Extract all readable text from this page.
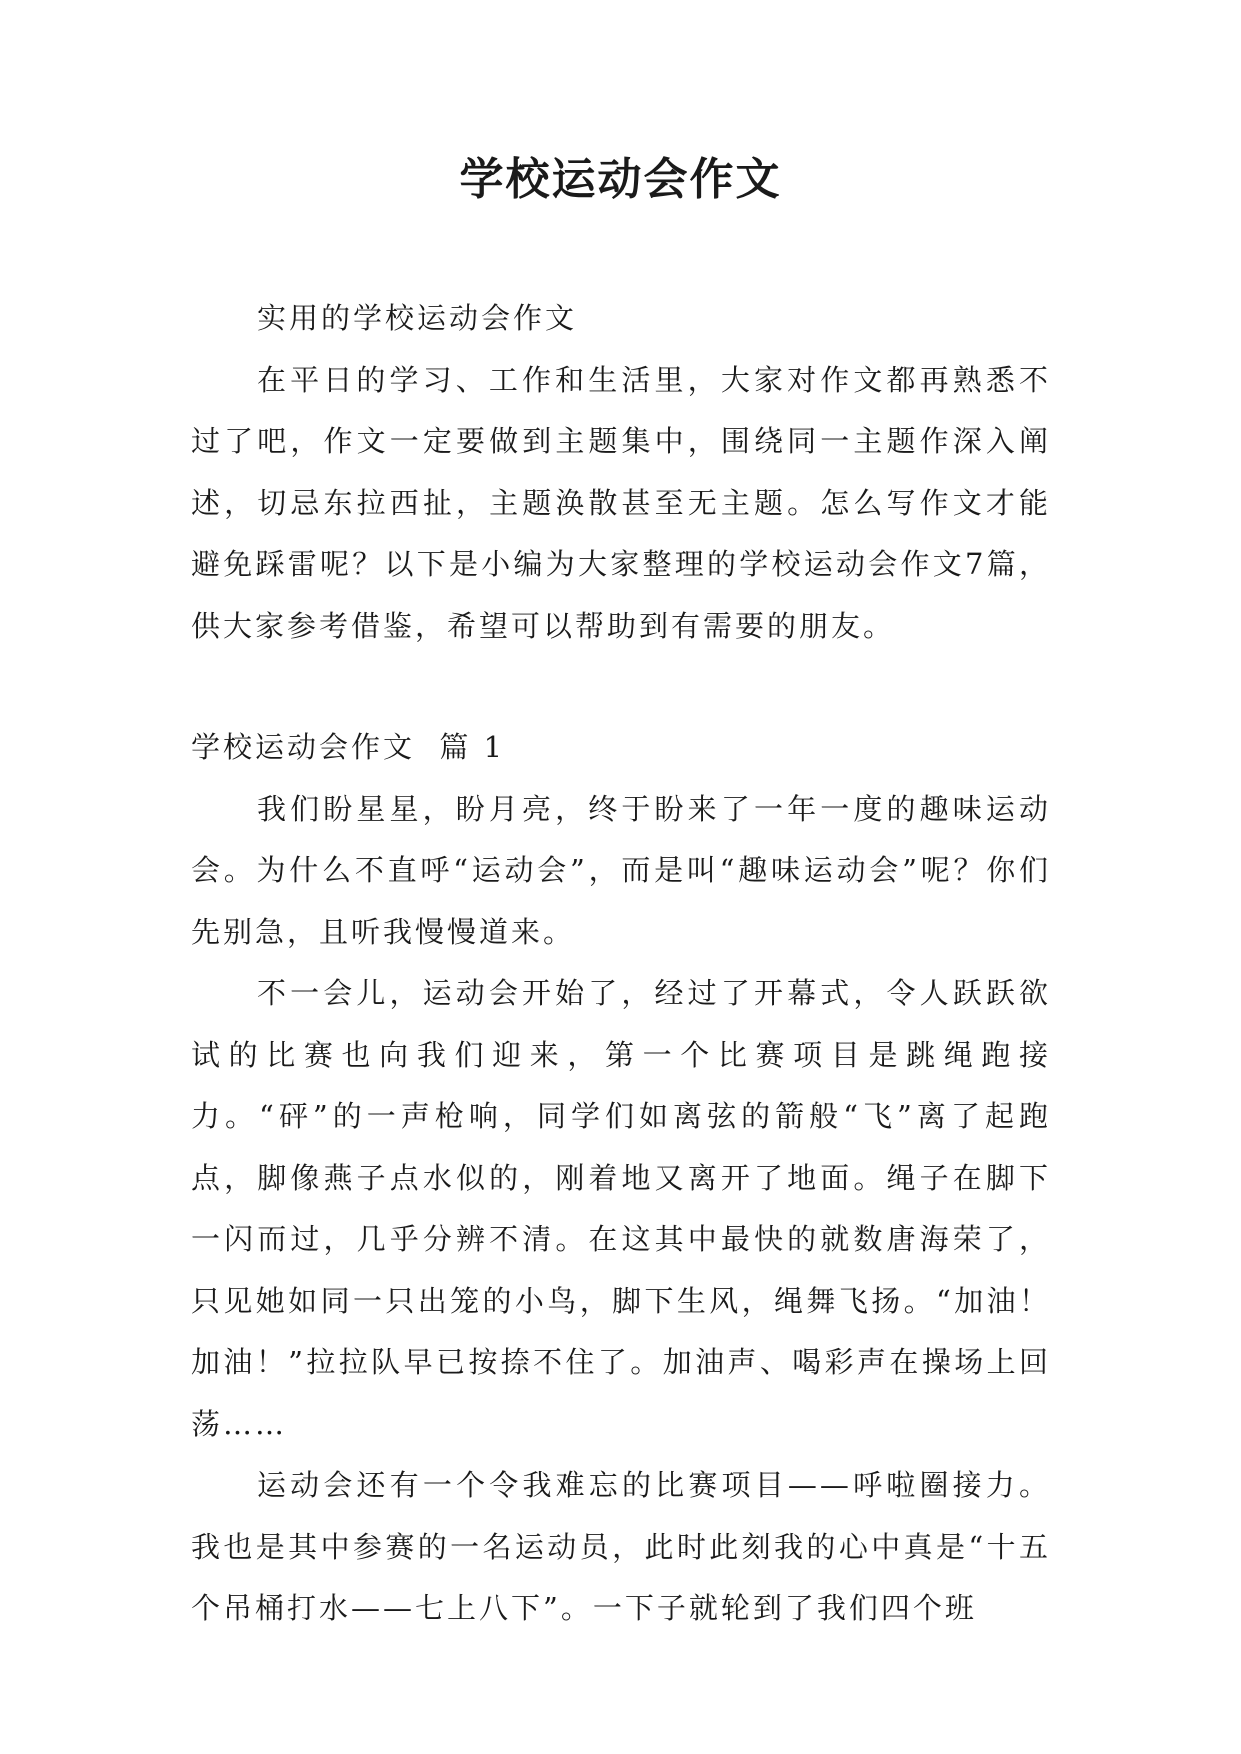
学校运动会作文

实用的学校运动会作文

在平日的学习、工作和生活里，大家对作文都再熟悉不过了吧，作文一定要做到主题集中，围绕同一主题作深入阐述，切忌东拉西扯，主题涣散甚至无主题。怎么写作文才能避免踩雷呢？以下是小编为大家整理的学校运动会作文7篇，供大家参考借鉴，希望可以帮助到有需要的朋友。

学校运动会作文  篇 1

我们盼星星，盼月亮，终于盼来了一年一度的趣味运动会。为什么不直呼“运动会”，而是叫“趣味运动会”呢？你们先别急，且听我慢慢道来。

不一会儿，运动会开始了，经过了开幕式，令人跃跃欲试的比赛也向我们迎来，第一个比赛项目是跳绳跑接力。“砰”的一声枪响，同学们如离弦的箭般“飞”离了起跑点，脚像燕子点水似的，刚着地又离开了地面。绳子在脚下一闪而过，几乎分辨不清。在这其中最快的就数唐海荣了，只见她如同一只出笼的小鸟，脚下生风，绳舞飞扬。“加油！加油！”拉拉队早已按捺不住了。加油声、喝彩声在操场上回荡……

运动会还有一个令我难忘的比赛项目——呼啦圈接力。我也是其中参赛的一名运动员，此时此刻我的心中真是“十五个吊桶打水——七上八下”。一下子就轮到了我们四个班
